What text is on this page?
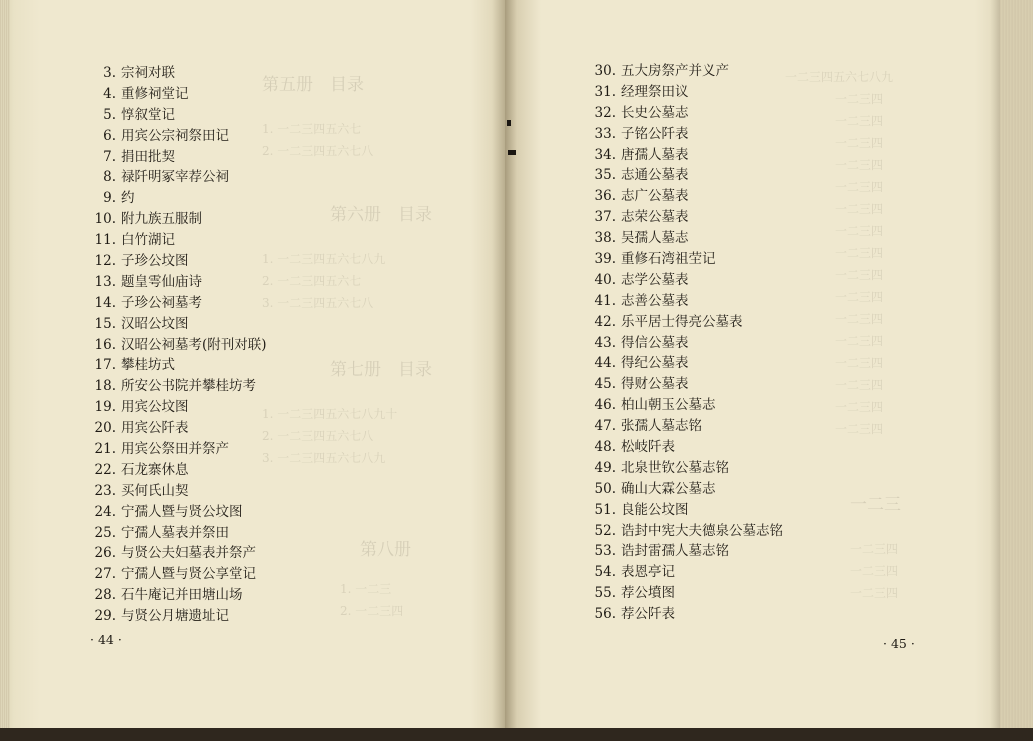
第五册　目录
1. 一二三四五六七
2. 一二三四五六七八
第六册　目录
1. 一二三四五六七八九
2. 一二三四五六七
3. 一二三四五六七八
第七册　目录
1. 一二三四五六七八九十
2. 一二三四五六七八
3. 一二三四五六七八九
第八册
1. 一二三
2. 一二三四
3. 宗祠对联
4. 重修祠堂记
5. 惇叙堂记
6. 用宾公宗祠祭田记
7. 捐田批契
8. 禄阡明冢宰荐公祠
9. 约
10. 附九族五服制
11. 白竹湖记
12. 子珍公坟图
13. 题皇雩仙庙诗
14. 子珍公祠墓考
15. 汉昭公坟图
16. 汉昭公祠墓考(附刊对联)
17. 攀桂坊式
18. 所安公书院并攀桂坊考
19. 用宾公坟图
20. 用宾公阡表
21. 用宾公祭田并祭产
22. 石龙寨休息
23. 买何氏山契
24. 宁孺人暨与贤公坟图
25. 宁孺人墓表并祭田
26. 与贤公夫妇墓表并祭产
27. 宁孺人暨与贤公享堂记
28. 石牛庵记并田塘山场
29. 与贤公月塘遗址记
· 44 ·
一二三四五六七八九
一二三四
一二三四
一二三四
一二三四
一二三四
一二三四
一二三四
一二三四
一二三四
一二三四
一二三四
一二三四
一二三四
一二三四
一二三四
一二三四
一二三
一二三四
一二三四
一二三四
30. 五大房祭产并义产
31. 经理祭田议
32. 长史公墓志
33. 子铭公阡表
34. 唐孺人墓表
35. 志通公墓表
36. 志广公墓表
37. 志荣公墓表
38. 吴孺人墓志
39. 重修石湾祖茔记
40. 志学公墓表
41. 志善公墓表
42. 乐平居士得亮公墓表
43. 得信公墓表
44. 得纪公墓表
45. 得财公墓表
46. 柏山朝玉公墓志
47. 张孺人墓志铭
48. 松岐阡表
49. 北泉世钦公墓志铭
50. 确山大霖公墓志
51. 良能公坟图
52. 诰封中宪大夫德泉公墓志铭
53. 诰封雷孺人墓志铭
54. 表恩亭记
55. 荐公墳图
56. 荐公阡表
· 45 ·
